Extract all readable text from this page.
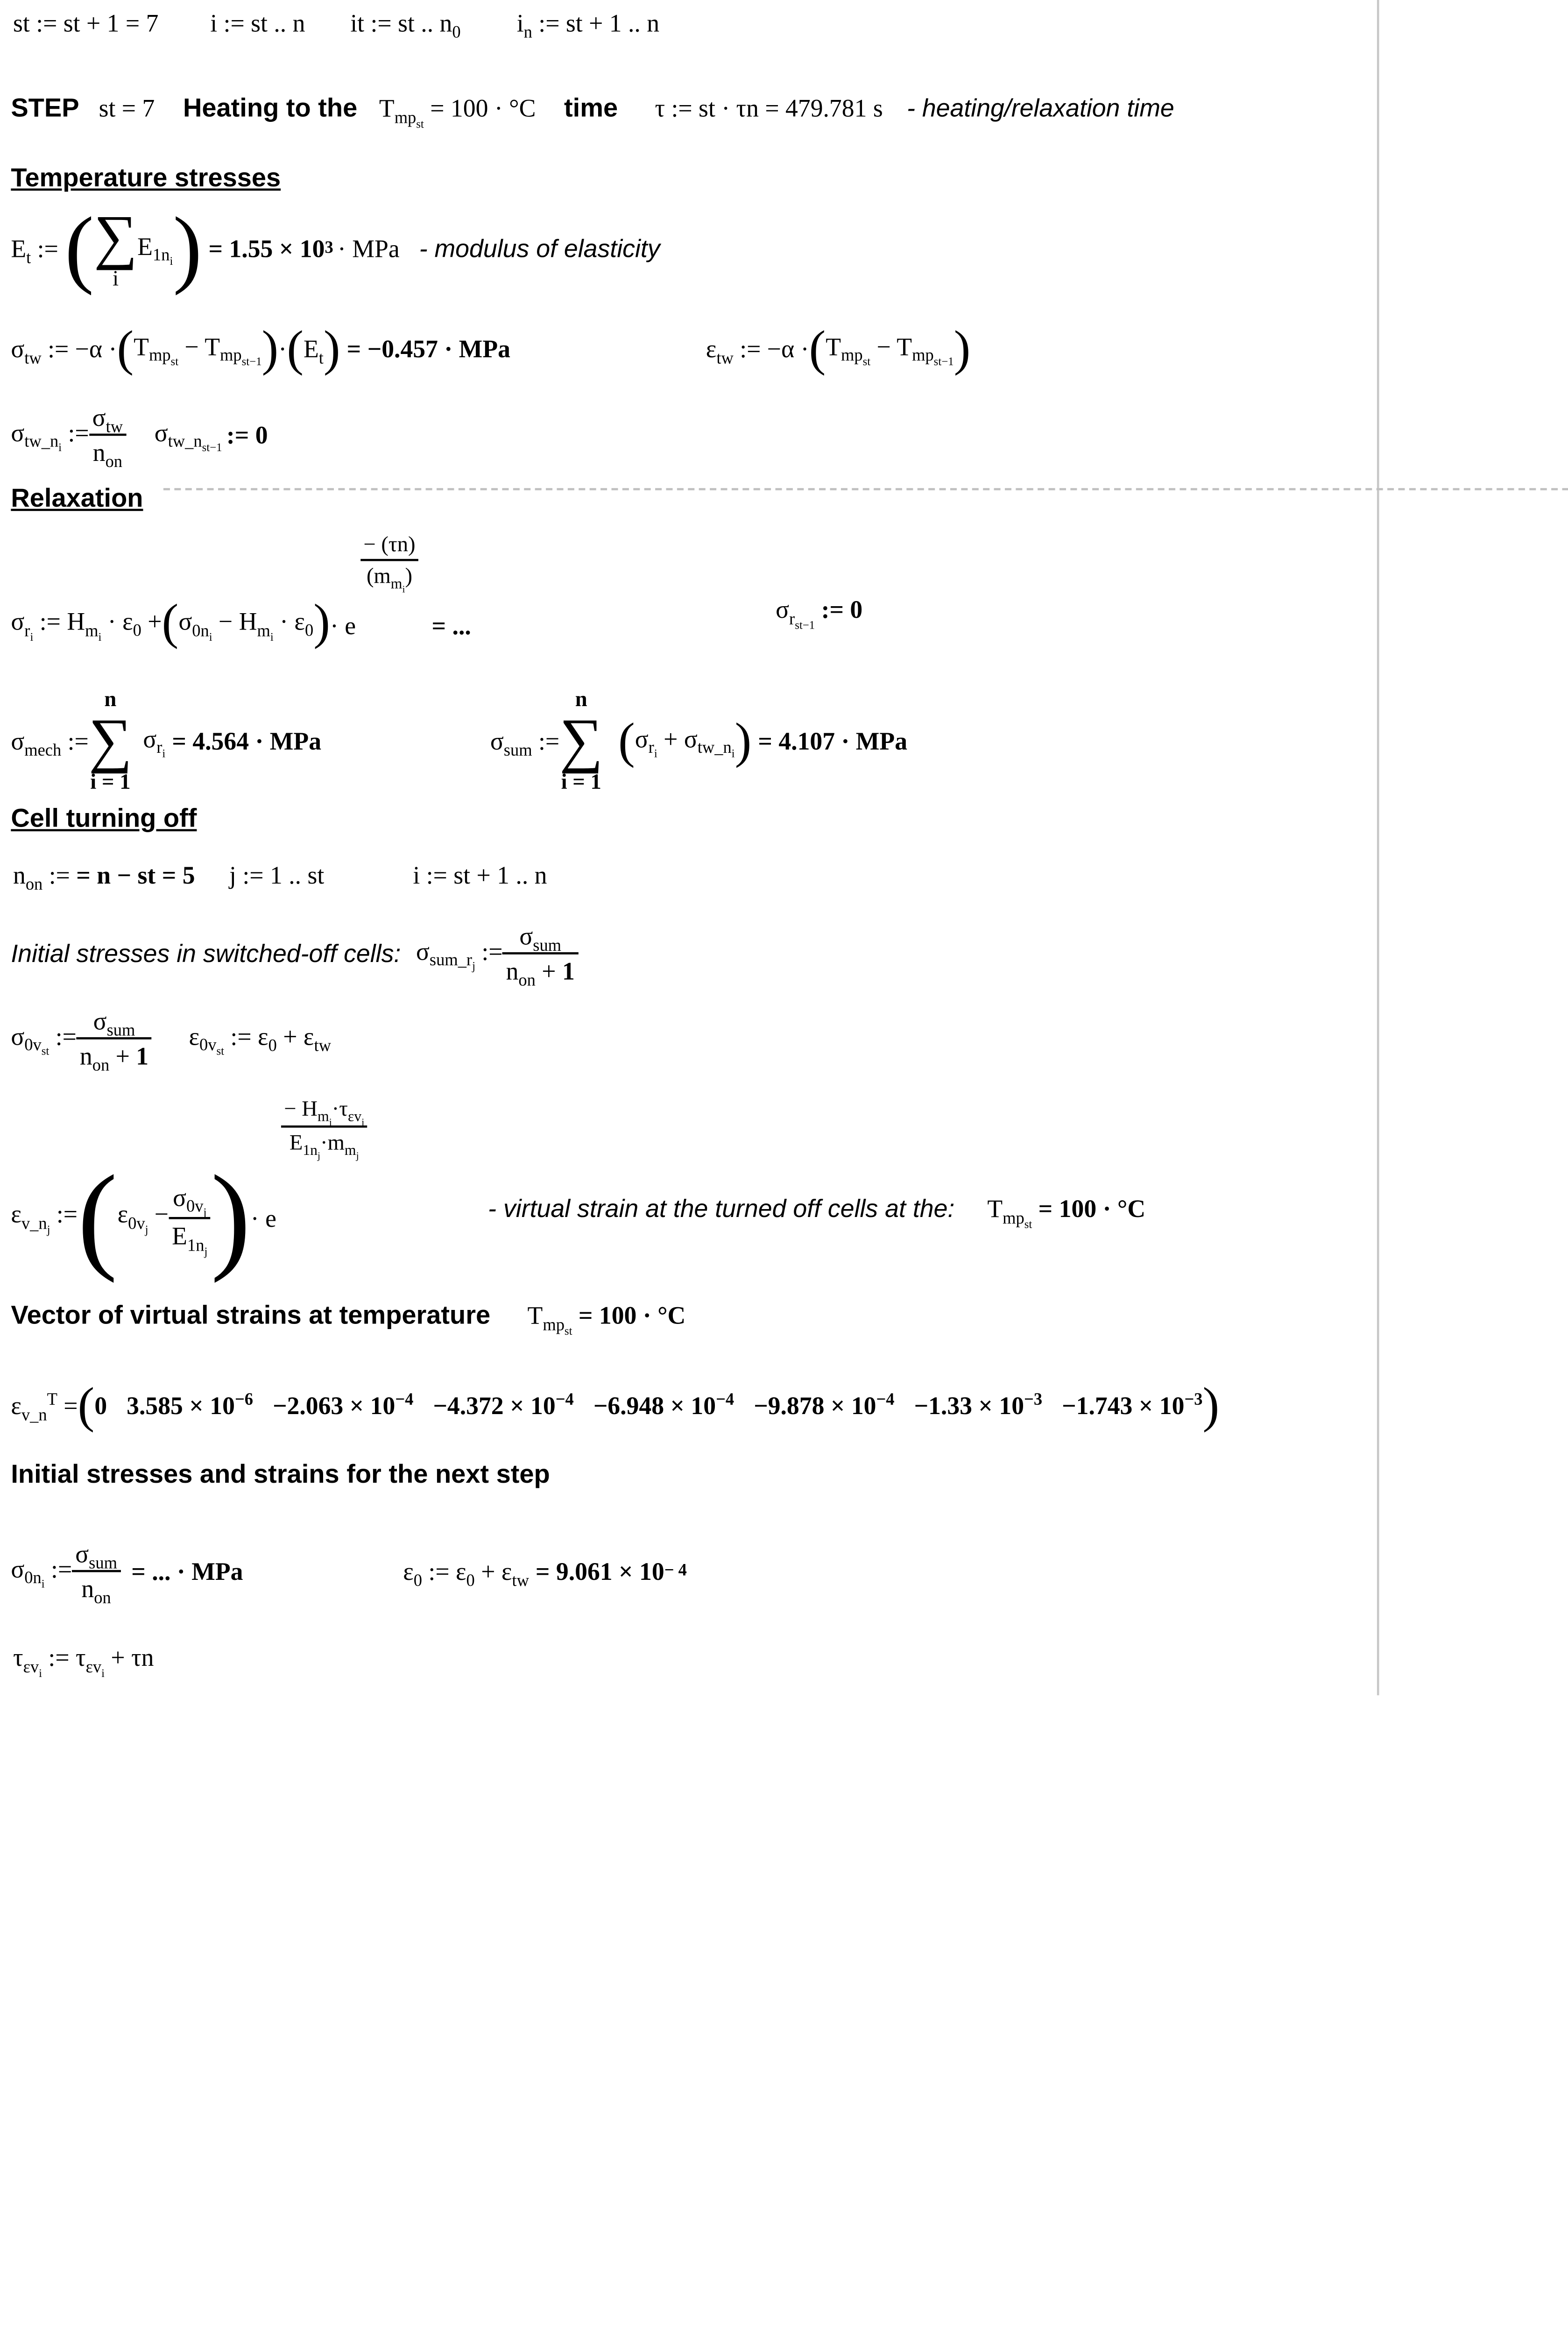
st := st + 1 = 7	i := st .. n	it := st .. $n_0$	$i_n$ := st + 1 .. n
STEP st = 7	Heating to the $T_{mp_{st}} = 100 \cdot ^\circ C$	time	τ := st · τn = 479.781 s - heating/relaxation time
Temperature stresses
$E_t$ := ( ∑
i
$E_{1n_i}$ ) = 1.55 × 10 3 · MPa - modulus of elasticity
$\sigma_{tw}$ := −α · ( $T_{mp_{st}} - T_{mp_{st-1}}$ ) · ( $E_t$ ) = −0.457 · MPa	$\varepsilon_{tw}$ := −α · ( $T_{mp_{st}} - T_{mp_{st-1}}$ )
$\sigma_{tw\_n_i}$ := $\frac{\sigma_{tw}}{n_{on}}$	$\sigma_{tw\_n_{st-1}}$
:= 0
Relaxation
$\sigma_{r_i}$ := $H_{m_i} \cdot \varepsilon_0$ + ( $\sigma_{0n_i} - H_{m_i} \cdot \varepsilon_0$ ) · e
$\frac{- (\tau n)}{(m_{m_i})}$
= ...
$\sigma_{r_{st-1}}$ := 0
$\sigma_{mech}$ :=
n
∑
i = 1
$\sigma_{r_i}$
= 4.564 · MPa	$\sigma_{sum}$ :=
n
∑
i = 1
( $\sigma_{r_i} + \sigma_{tw\_n_i}$ ) = 4.107 · MPa
Cell turning off
$n_{on}$ := = n − st = 5	j := 1 .. st	i := st + 1 .. n
Initial stresses in switched-off cells: $\sigma_{sum\_r_j}$ := $\frac{\sigma_{sum}}{n_{on} + 1}$
$\sigma_{0v_{st}}$ := $\frac{\sigma_{sum}}{n_{on} + 1}$	$\varepsilon_{0v_{st}}$ := $\varepsilon_0 + \varepsilon_{tw}$
$\varepsilon_{v\_n_j}$ := ( $\varepsilon_{0v_j} - \frac{\sigma_{0v_j}}{E_{1n_j}}$ ) · e
$\frac{- H_{m_j}\cdot\tau_{\varepsilon v_j}}{E_{1n_j}\cdot m_{m_j}}$
- virtual strain at the turned off cells at the:	$T_{mp_{st}} = 100 \cdot ^\circ C$
Vector of virtual strains at temperature	$T_{mp_{st}} = 100 \cdot ^\circ C$
$\varepsilon_{v\_n}^T$ = ( 0 $3.585 \times 10^{-6} -2.063 \times 10^{-4} -4.372 \times 10^{-4} -6.948 \times 10^{-4} -9.878 \times 10^{-4} -1.33 \times 10^{-3} -1.743 \times 10^{-3}$ )
Initial stresses and strains for the next step
$\sigma_{0n_i}$ := $\frac{\sigma_{sum}}{n_{on}}$ = ... · MPa	$\varepsilon_0$ := $\varepsilon_0 + \varepsilon_{tw} = 9.061 \times 10 - 4$
$\tau_{\varepsilon v_i}$ := $\tau_{\varepsilon v_i} + \tau n$
